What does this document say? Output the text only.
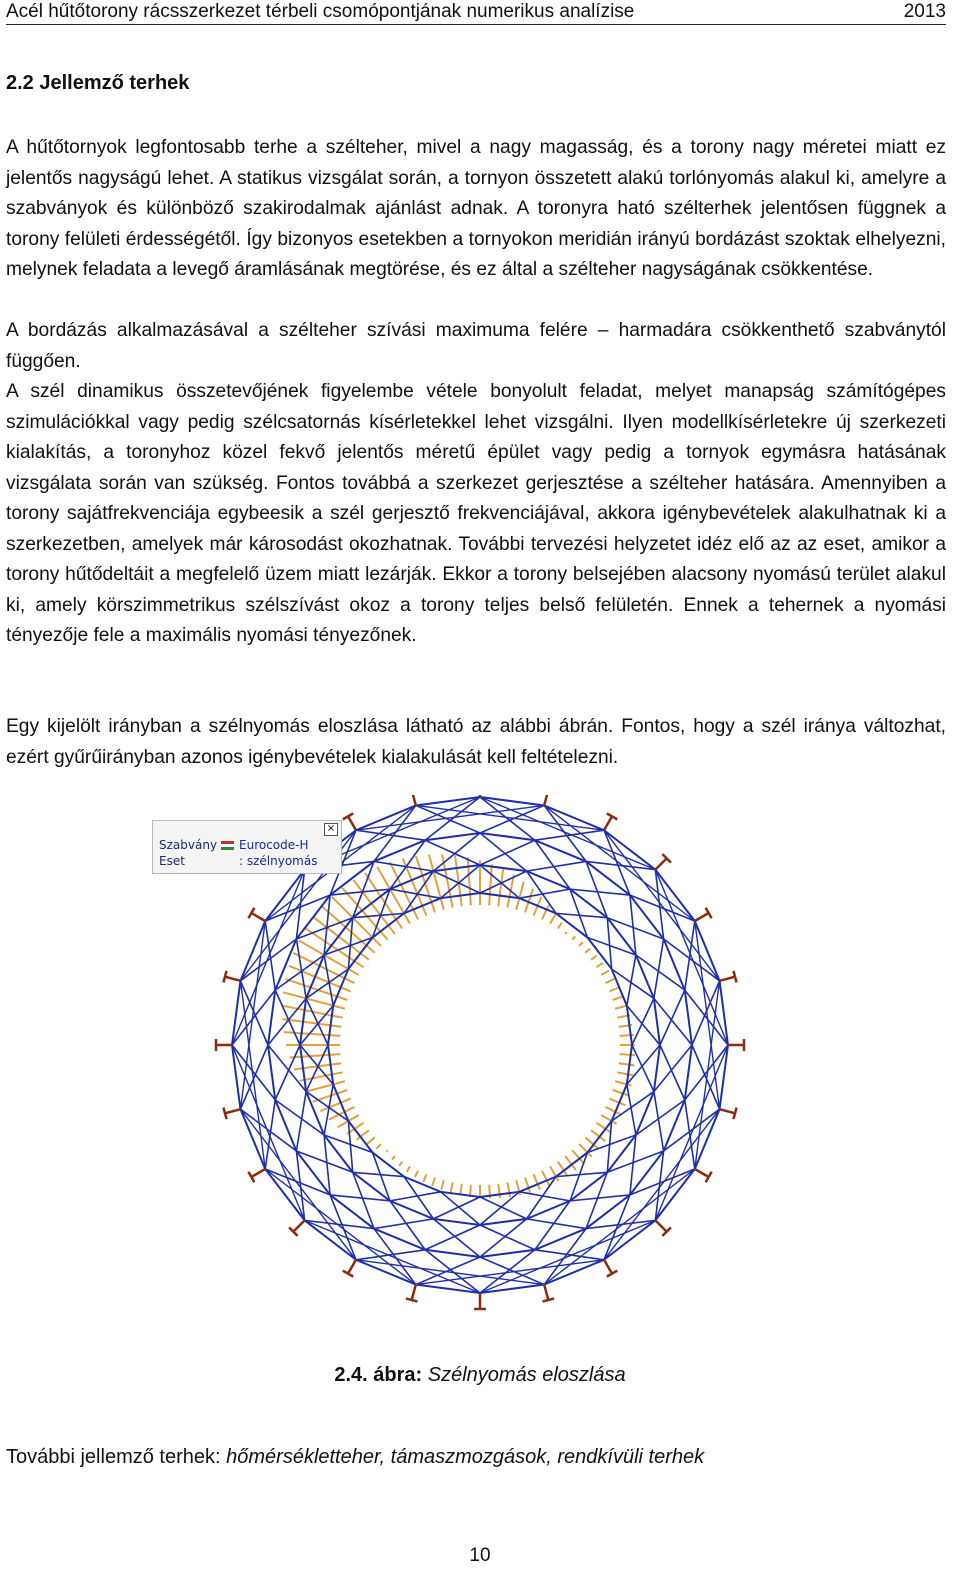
Acél hűtőtorony rácsszerkezet térbeli csomópontjának numerikus analízise	2013
2.2 Jellemző terhek

A hűtőtornyok legfontosabb terhe a szélteher, mivel a nagy magasság, és a torony nagy méretei miatt ez jelentős nagyságú lehet. A statikus vizsgálat során, a tornyon összetett alakú torlónyomás alakul ki, amelyre a szabványok és különböző szakirodalmak ajánlást adnak. A toronyra ható szélterhek jelentősen függnek a torony felületi érdességétől. Így bizonyos esetekben a tornyokon meridián irányú bordázást szoktak elhelyezni, melynek feladata a levegő áramlásának megtörése, és ez által a szélteher nagyságának csökkentése.

A bordázás alkalmazásával a szélteher szívási maximuma felére – harmadára csökkenthető szabványtól függően.

A szél dinamikus összetevőjének figyelembe vétele bonyolult feladat, melyet manapság számítógépes szimulációkkal vagy pedig szélcsatornás kísérletekkel lehet vizsgálni. Ilyen modellkísérletekre új szerkezeti kialakítás, a toronyhoz közel fekvő jelentős méretű épület vagy pedig a tornyok egymásra hatásának vizsgálata során van szükség. Fontos továbbá a szerkezet gerjesztése a szélteher hatására. Amennyiben a torony sajátfrekvenciája egybeesik a szél gerjesztő frekvenciájával, akkora igénybevételek alakulhatnak ki a szerkezetben, amelyek már károsodást okozhatnak. További tervezési helyzetet idéz elő az az eset, amikor a torony hűtődeltáit a megfelelő üzem miatt lezárják. Ekkor a torony belsejében alacsony nyomású terület alakul ki, amely körszimmetrikus szélszívást okoz a torony teljes belső felületén. Ennek a tehernek a nyomási tényezője fele a maximális nyomási tényezőnek.

Egy kijelölt irányban a szélnyomás eloszlása látható az alábbi ábrán. Fontos, hogy a szél iránya változhat, ezért gyűrűirányban azonos igénybevételek kialakulását kell feltételezni.

×
Szabvány Eurocode-H
Eset	: szélnyomás
2.4. ábra: Szélnyomás eloszlása
További jellemző terhek: hőmérsékletteher, támaszmozgások, rendkívüli terhek
10
